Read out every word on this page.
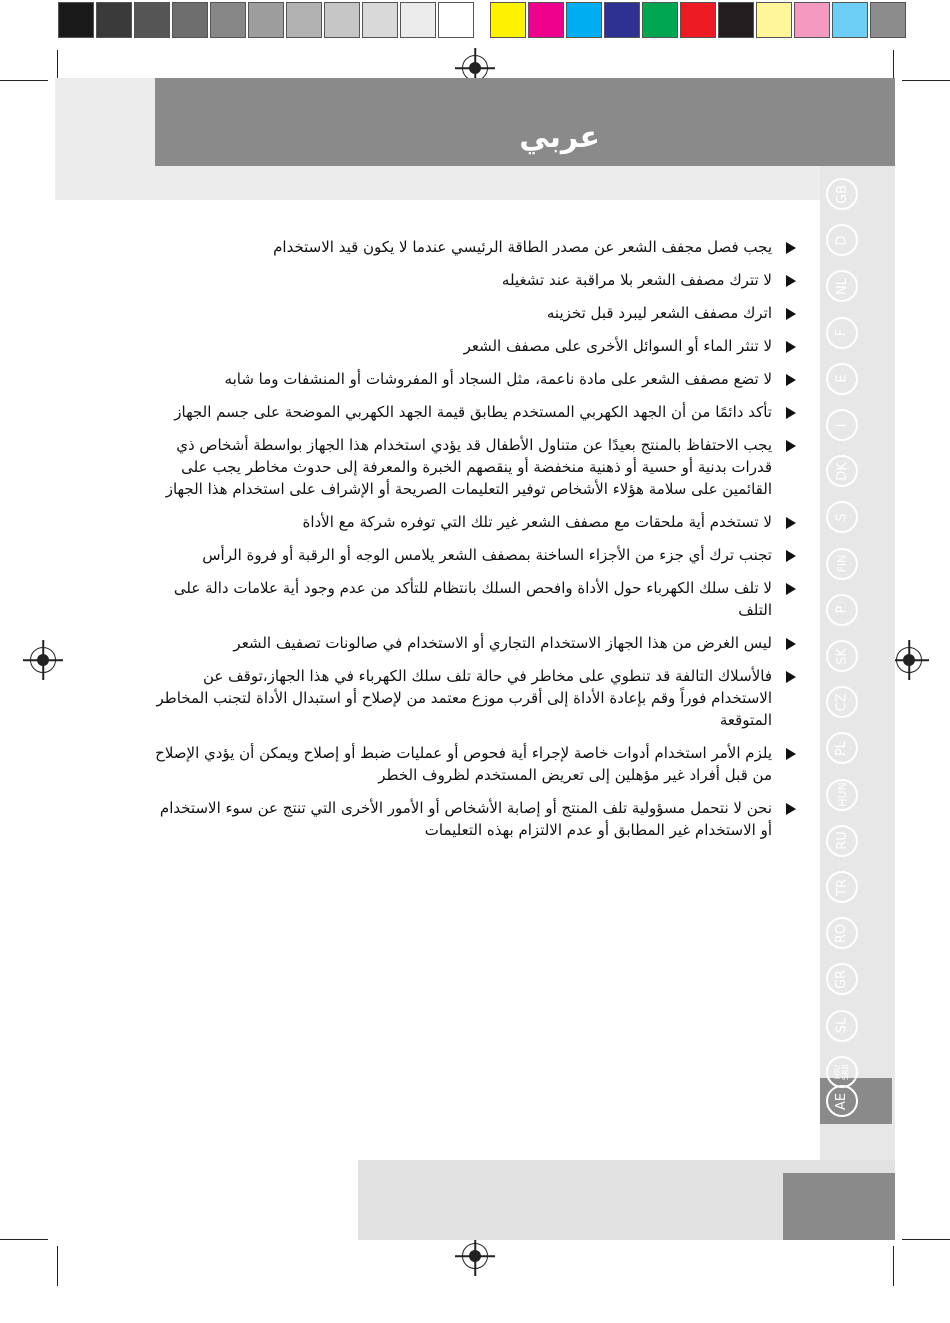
عربي
GB
D
NL
F
E
I
DK
S
FIN
P
SK
CZ
PL
HUN
RU
TR
RO
GR
SL
HR/ SRB
AE
يجب فصل مجفف الشعر عن مصدر الطاقة الرئيسي عندما لا يكون قيد الاستخدام
لا تترك مصفف الشعر بلا مراقبة عند تشغيله
اترك مصفف الشعر ليبرد قبل تخزينه
لا تنثر الماء أو السوائل الأخرى على مصفف الشعر
لا تضع مصفف الشعر على مادة ناعمة، مثل السجاد أو المفروشات أو المنشفات وما شابه
تأكد دائمًا من أن الجهد الكهربي المستخدم يطابق قيمة الجهد الكهربي الموضحة على جسم الجهاز
يجب الاحتفاظ بالمنتج بعيدًا عن متناول الأطفال قد يؤدي استخدام هذا الجهاز بواسطة أشخاص ذي قدرات بدنية أو حسية أو ذهنية منخفضة أو ينقصهم الخبرة والمعرفة إلى حدوث مخاطر يجب على القائمين على سلامة هؤلاء الأشخاص توفير التعليمات الصريحة أو الإشراف على استخدام هذا الجهاز
لا تستخدم أية ملحقات مع مصفف الشعر غير تلك التي توفره شركة مع الأداة
تجنب ترك أي جزء من الأجزاء الساخنة بمصفف الشعر يلامس الوجه أو الرقبة أو فروة الرأس
لا تلف سلك الكهرباء حول الأداة وافحص السلك بانتظام للتأكد من عدم وجود أية علامات دالة على التلف
ليس الغرض من هذا الجهاز الاستخدام التجاري أو الاستخدام في صالونات تصفيف الشعر
فالأسلاك التالفة قد تنطوي على مخاطر في حالة تلف سلك الكهرباء في هذا الجهاز،توقف عن الاستخدام فوراً وقم بإعادة الأداة إلى أقرب موزع معتمد من لإصلاح أو استبدال الأداة لتجنب المخاطر المتوقعة
يلزم الأمر استخدام أدوات خاصة لإجراء أية فحوص أو عمليات ضبط أو إصلاح ويمكن أن يؤدي الإصلاح من قبل أفراد غير مؤهلين إلى تعريض المستخدم لظروف الخطر
نحن لا نتحمل مسؤولية تلف المنتج أو إصابة الأشخاص أو الأمور الأخرى التي تنتج عن سوء الاستخدام أو الاستخدام غير المطابق أو عدم الالتزام بهذه التعليمات
